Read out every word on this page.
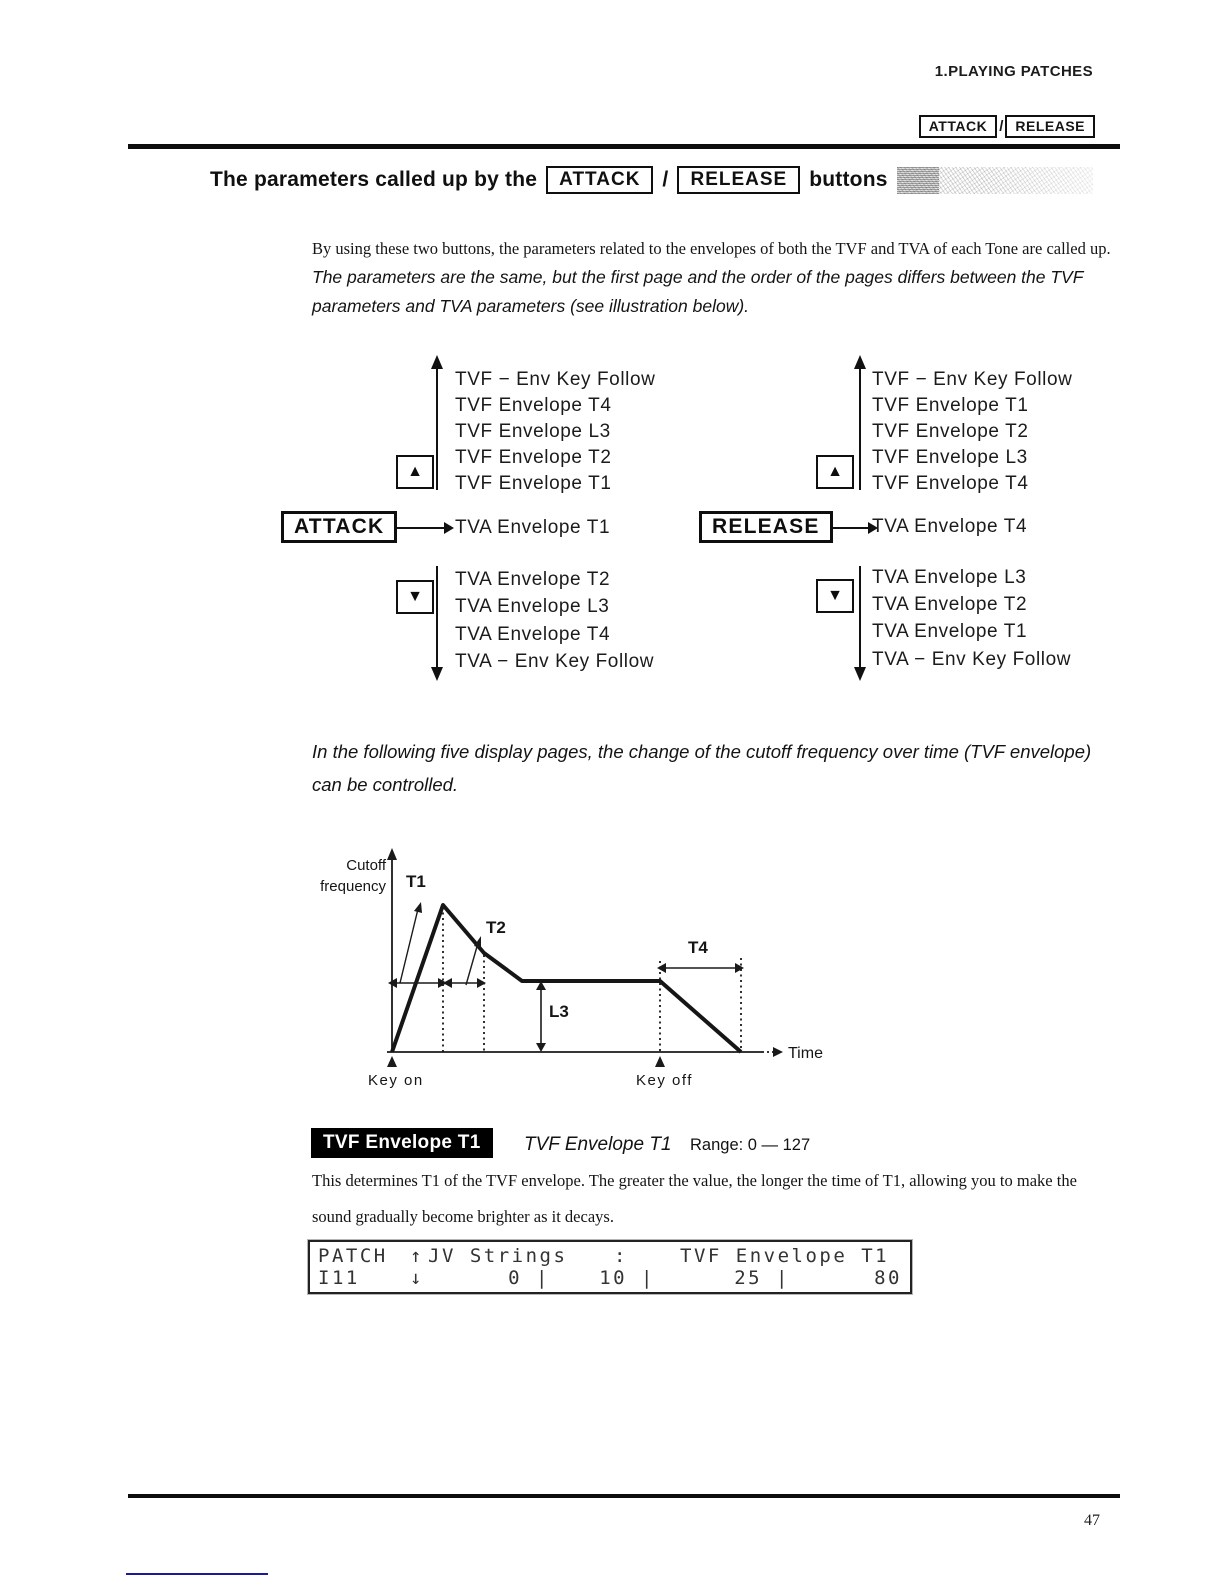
1.PLAYING PATCHES
ATTACK / RELEASE
The parameters called up by the	ATTACK	/	RELEASE	buttons
By using these two buttons, the parameters related to the envelopes of both the TVF and TVA of each Tone are called up. The parameters are the same, but the first page and the order of the pages differs between the TVF parameters and TVA parameters (see illustration below).
TVF − Env Key Follow
TVF Envelope T4
TVF Envelope L3
TVF Envelope T2
TVF Envelope T1
▲
ATTACK	TVA Envelope T1
▼
TVA Envelope T2
TVA Envelope L3
TVA Envelope T4
TVA − Env Key Follow
TVF − Env Key Follow
TVF Envelope T1
TVF Envelope T2
TVF Envelope L3
TVF Envelope T4
▲
RELEASE	TVA Envelope T4
▼
TVA Envelope L3
TVA Envelope T2
TVA Envelope T1
TVA − Env Key Follow
In the following five display pages, the change of the cutoff frequency over time (TVF envelope) can be controlled.
Cutoff
frequency
Time
T1
T2
L3
T4
Key on	Key off
TVF Envelope T1	TVF Envelope T1 Range: 0 — 127
This determines T1 of the TVF envelope. The greater the value, the longer the time of T1, allowing you to make the sound gradually become brighter as it decays.
PATCH ↑ JV Strings :	TVF Envelope T1
I11	↓	0 |	10 |	25 |	80
47
